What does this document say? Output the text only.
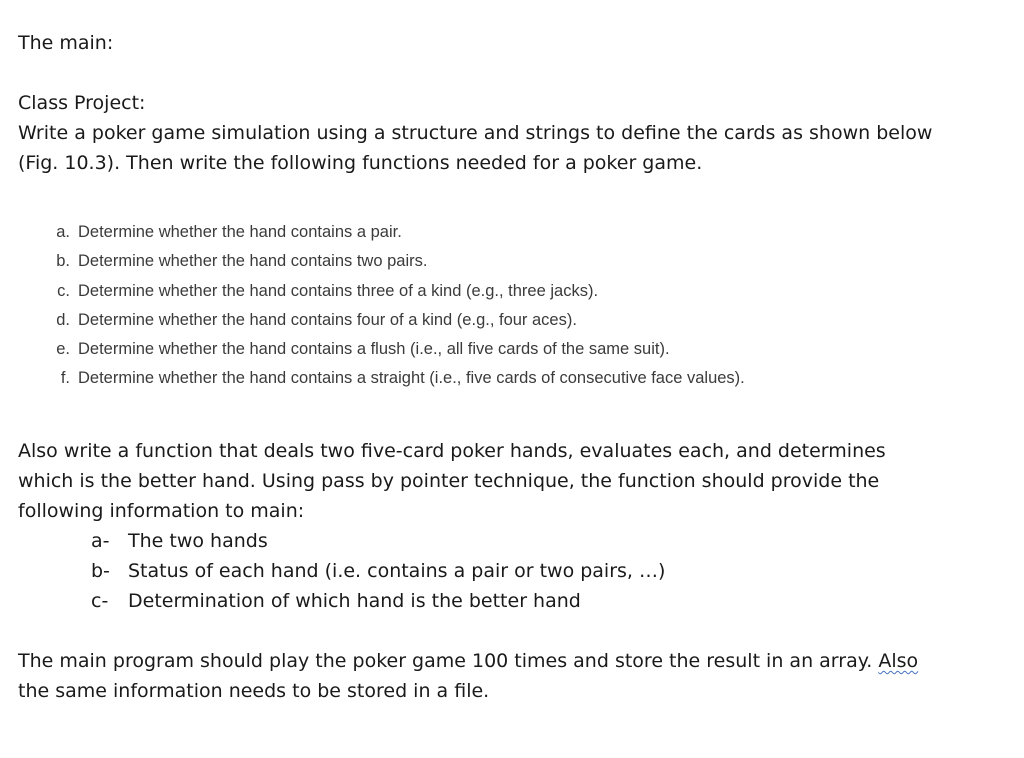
The main:

Class Project:

Write a poker game simulation using a structure and strings to define the cards as shown below

(Fig. 10.3). Then write the following functions needed for a poker game.

a. Determine whether the hand contains a pair.
b. Determine whether the hand contains two pairs.
c. Determine whether the hand contains three of a kind (e.g., three jacks).
d. Determine whether the hand contains four of a kind (e.g., four aces).
e. Determine whether the hand contains a flush (i.e., all five cards of the same suit).
f. Determine whether the hand contains a straight (i.e., five cards of consecutive face values).

Also write a function that deals two five-card poker hands, evaluates each, and determines

which is the better hand. Using pass by pointer technique, the function should provide the

following information to main:

a- The two hands
b- Status of each hand (i.e. contains a pair or two pairs, …)
c-	Determination of which hand is the better hand

The main program should play the poker game 100 times and store the result in an array. Also

the same information needs to be stored in a file.
